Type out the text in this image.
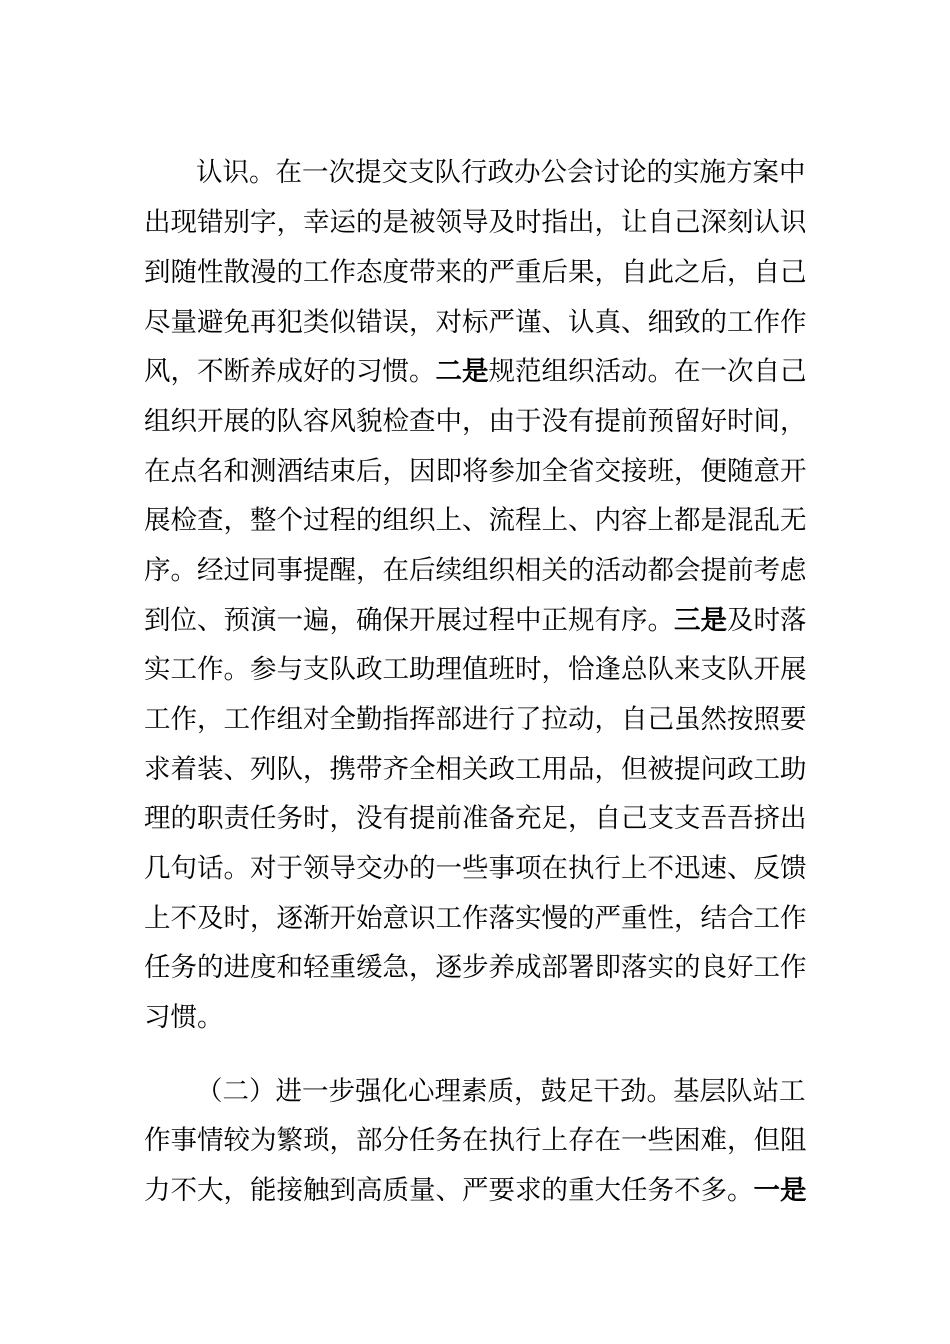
认识。在一次提交支队行政办公会讨论的实施方案中
出现错别字，幸运的是被领导及时指出，让自己深刻认识
到随性散漫的工作态度带来的严重后果，自此之后，自己
尽量避免再犯类似错误，对标严谨、认真、细致的工作作
风，不断养成好的习惯。二是规范组织活动。在一次自己
组织开展的队容风貌检查中，由于没有提前预留好时间，
在点名和测酒结束后，因即将参加全省交接班，便随意开
展检查，整个过程的组织上、流程上、内容上都是混乱无
序。经过同事提醒，在后续组织相关的活动都会提前考虑
到位、预演一遍，确保开展过程中正规有序。三是及时落
实工作。参与支队政工助理值班时，恰逢总队来支队开展
工作，工作组对全勤指挥部进行了拉动，自己虽然按照要
求着装、列队，携带齐全相关政工用品，但被提问政工助
理的职责任务时，没有提前准备充足，自己支支吾吾挤出
几句话。对于领导交办的一些事项在执行上不迅速、反馈
上不及时，逐渐开始意识工作落实慢的严重性，结合工作
任务的进度和轻重缓急，逐步养成部署即落实的良好工作
习惯。
（二）进一步强化心理素质，鼓足干劲。基层队站工
作事情较为繁琐，部分任务在执行上存在一些困难，但阻
力不大，能接触到高质量、严要求的重大任务不多。一是
